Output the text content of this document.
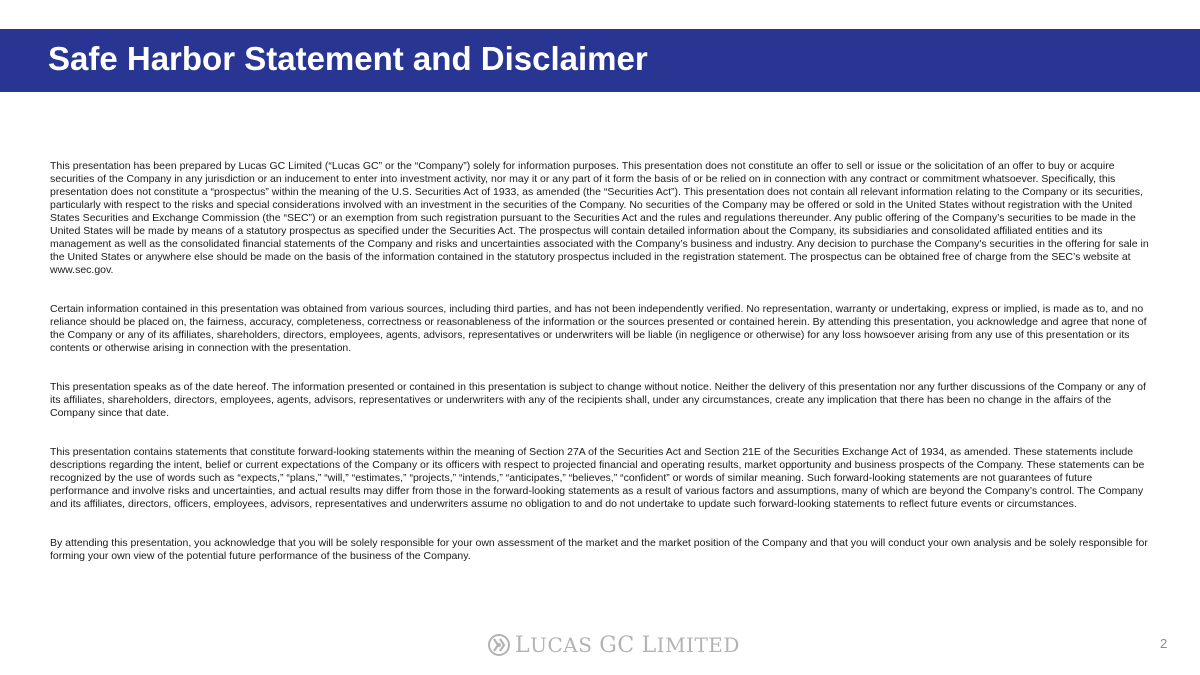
Safe Harbor Statement and Disclaimer

This presentation has been prepared by Lucas GC Limited (“Lucas GC” or the “Company”) solely for information purposes. This presentation does not constitute an offer to sell or issue or the solicitation of an offer to buy or acquire securities of the Company in any jurisdiction or an inducement to enter into investment activity, nor may it or any part of it form the basis of or be relied on in connection with any contract or commitment whatsoever. Specifically, this presentation does not constitute a “prospectus” within the meaning of the U.S. Securities Act of 1933, as amended (the “Securities Act”). This presentation does not contain all relevant information relating to the Company or its securities, particularly with respect to the risks and special considerations involved with an investment in the securities of the Company. No securities of the Company may be offered or sold in the United States without registration with the United States Securities and Exchange Commission (the “SEC”) or an exemption from such registration pursuant to the Securities Act and the rules and regulations thereunder. Any public offering of the Company’s securities to be made in the United States will be made by means of a statutory prospectus as specified under the Securities Act. The prospectus will contain detailed information about the Company, its subsidiaries and consolidated affiliated entities and its management as well as the consolidated financial statements of the Company and risks and uncertainties associated with the Company’s business and industry. Any decision to purchase the Company's securities in the offering for sale in the United States or anywhere else should be made on the basis of the information contained in the statutory prospectus included in the registration statement. The prospectus can be obtained free of charge from the SEC’s website at www.sec.gov.

Certain information contained in this presentation was obtained from various sources, including third parties, and has not been independently verified. No representation, warranty or undertaking, express or implied, is made as to, and no reliance should be placed on, the fairness, accuracy, completeness, correctness or reasonableness of the information or the sources presented or contained herein. By attending this presentation, you acknowledge and agree that none of the Company or any of its affiliates, shareholders, directors, employees, agents, advisors, representatives or underwriters will be liable (in negligence or otherwise) for any loss howsoever arising from any use of this presentation or its contents or otherwise arising in connection with the presentation.

This presentation speaks as of the date hereof. The information presented or contained in this presentation is subject to change without notice. Neither the delivery of this presentation nor any further discussions of the Company or any of its affiliates, shareholders, directors, employees, agents, advisors, representatives or underwriters with any of the recipients shall, under any circumstances, create any implication that there has been no change in the affairs of the Company since that date.

This presentation contains statements that constitute forward-looking statements within the meaning of Section 27A of the Securities Act and Section 21E of the Securities Exchange Act of 1934, as amended. These statements include descriptions regarding the intent, belief or current expectations of the Company or its officers with respect to projected financial and operating results, market opportunity and business prospects of the Company. These statements can be recognized by the use of words such as “expects,” “plans,” “will,” “estimates,” “projects,” “intends,” “anticipates,” “believes,” “confident” or words of similar meaning. Such forward-looking statements are not guarantees of future performance and involve risks and uncertainties, and actual results may differ from those in the forward-looking statements as a result of various factors and assumptions, many of which are beyond the Company’s control. The Company and its affiliates, directors, officers, employees, advisors, representatives and underwriters assume no obligation to and do not undertake to update such forward-looking statements to reflect future events or circumstances.

By attending this presentation, you acknowledge that you will be solely responsible for your own assessment of the market and the market position of the Company and that you will conduct your own analysis and be solely responsible for forming your own view of the potential future performance of the business of the Company.

LUCAS GC LIMITED	2
